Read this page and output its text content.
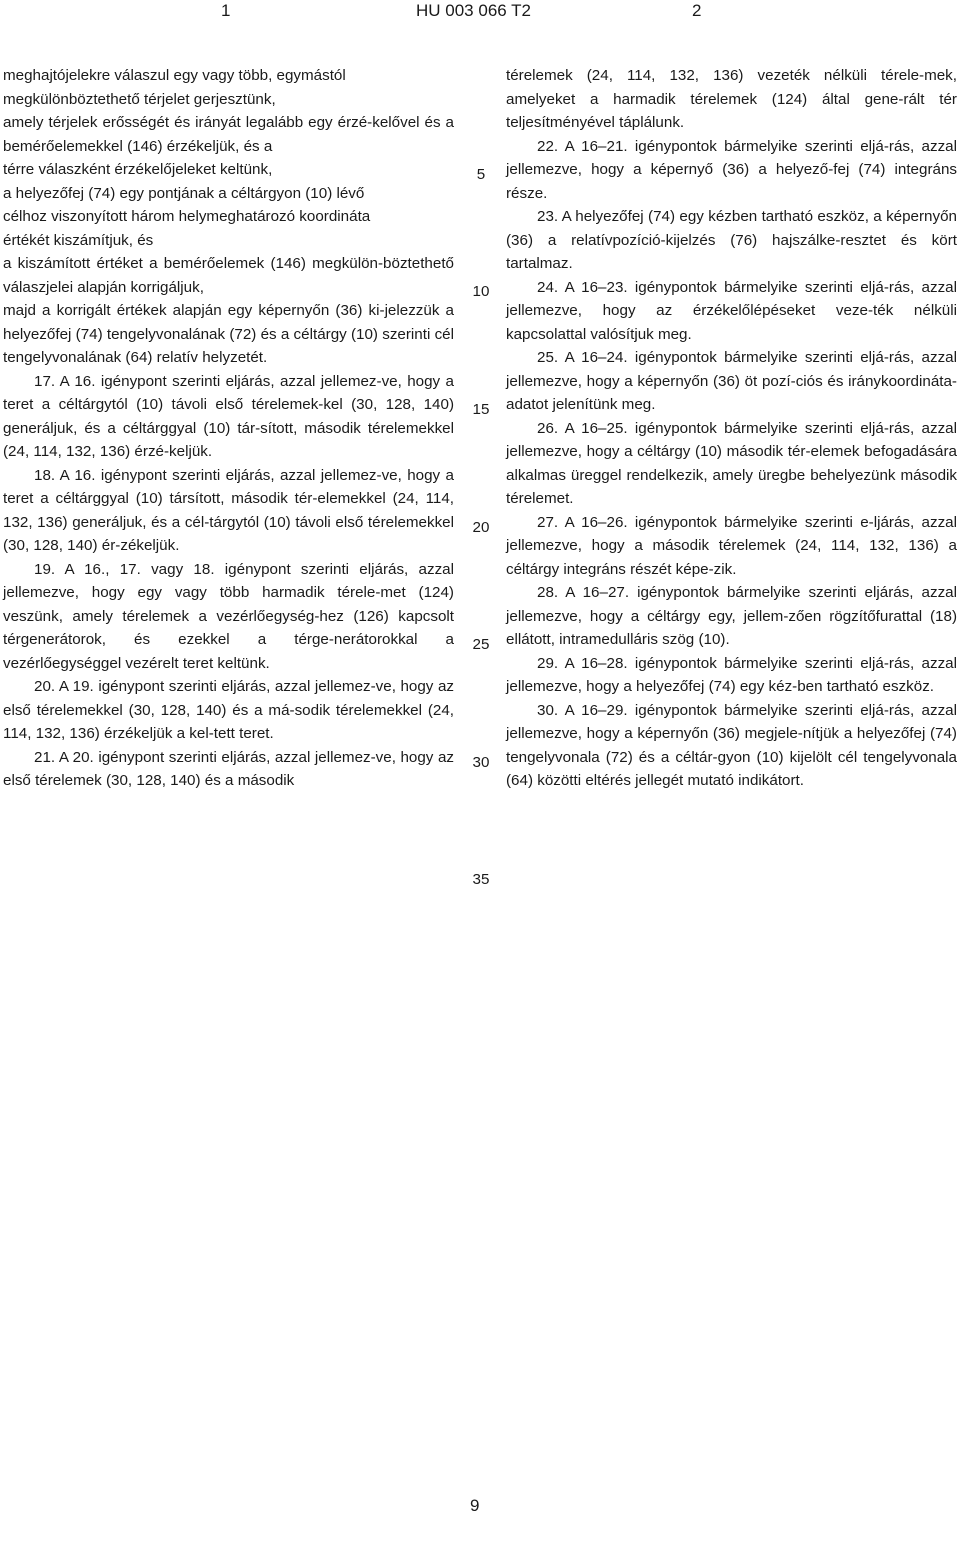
1	HU 003 066 T2	2

meghajtójelekre válaszul egy vagy több, egymástól

megkülönböztethető térjelet gerjesztünk,

amely térjelek erősségét és irányát legalább egy érzé-kelővel és a bemérőelemekkel (146) érzékeljük, és a

térre válaszként érzékelőjeleket keltünk,

a helyezőfej (74) egy pontjának a céltárgyon (10) lévő

célhoz viszonyított három helymeghatározó koordináta

értékét kiszámítjuk, és

a kiszámított értéket a bemérőelemek (146) megkülön-böztethető válaszjelei alapján korrigáljuk,

majd a korrigált értékek alapján egy képernyőn (36) ki-jelezzük a helyezőfej (74) tengelyvonalának (72) és a céltárgy (10) szerinti cél tengelyvonalának (64) relatív helyzetét.

17. A 16. igénypont szerinti eljárás, azzal jellemez-ve, hogy a teret a céltárgytól (10) távoli első térelemek-kel (30, 128, 140) generáljuk, és a céltárggyal (10) tár-sított, második térelemekkel (24, 114, 132, 136) érzé-keljük.

18. A 16. igénypont szerinti eljárás, azzal jellemez-ve, hogy a teret a céltárggyal (10) társított, második tér-elemekkel (24, 114, 132, 136) generáljuk, és a cél-tárgytól (10) távoli első térelemekkel (30, 128, 140) ér-zékeljük.

19. A 16., 17. vagy 18. igénypont szerinti eljárás, azzal jellemezve, hogy egy vagy több harmadik térele-met (124) veszünk, amely térelemek a vezérlőegység-hez (126) kapcsolt térgenerátorok, és ezekkel a térge-nerátorokkal a vezérlőegységgel vezérelt teret keltünk.

20. A 19. igénypont szerinti eljárás, azzal jellemez-ve, hogy az első térelemekkel (30, 128, 140) és a má-sodik térelemekkel (24, 114, 132, 136) érzékeljük a kel-tett teret.

21. A 20. igénypont szerinti eljárás, azzal jellemez-ve, hogy az első térelemek (30, 128, 140) és a második

5
10
15
20
25
30
35

térelemek (24, 114, 132, 136) vezeték nélküli térele-mek, amelyeket a harmadik térelemek (124) által gene-rált tér teljesítményével táplálunk.

22. A 16–21. igénypontok bármelyike szerinti eljá-rás, azzal jellemezve, hogy a képernyő (36) a helyező-fej (74) integráns része.

23. A helyezőfej (74) egy kézben tartható eszköz, a képernyőn (36) a relatívpozíció-kijelzés (76) hajszálke-resztet és kört tartalmaz.

24. A 16–23. igénypontok bármelyike szerinti eljá-rás, azzal jellemezve, hogy az érzékelőlépéseket veze-ték nélküli kapcsolattal valósítjuk meg.

25. A 16–24. igénypontok bármelyike szerinti eljá-rás, azzal jellemezve, hogy a képernyőn (36) öt pozí-ciós és iránykoordináta-adatot jelenítünk meg.

26. A 16–25. igénypontok bármelyike szerinti eljá-rás, azzal jellemezve, hogy a céltárgy (10) második tér-elemek befogadására alkalmas üreggel rendelkezik, amely üregbe behelyezünk második térelemet.

27. A 16–26. igénypontok bármelyike szerinti e-ljárás, azzal jellemezve, hogy a második térelemek (24, 114, 132, 136) a céltárgy integráns részét képe-zik.

28. A 16–27. igénypontok bármelyike szerinti eljárás, azzal jellemezve, hogy a céltárgy egy, jellem-zően rögzítőfurattal (18) ellátott, intramedulláris szög (10).

29. A 16–28. igénypontok bármelyike szerinti eljá-rás, azzal jellemezve, hogy a helyezőfej (74) egy kéz-ben tartható eszköz.

30. A 16–29. igénypontok bármelyike szerinti eljá-rás, azzal jellemezve, hogy a képernyőn (36) megjele-nítjük a helyezőfej (74) tengelyvonala (72) és a céltár-gyon (10) kijelölt cél tengelyvonala (64) közötti eltérés jellegét mutató indikátort.

9
